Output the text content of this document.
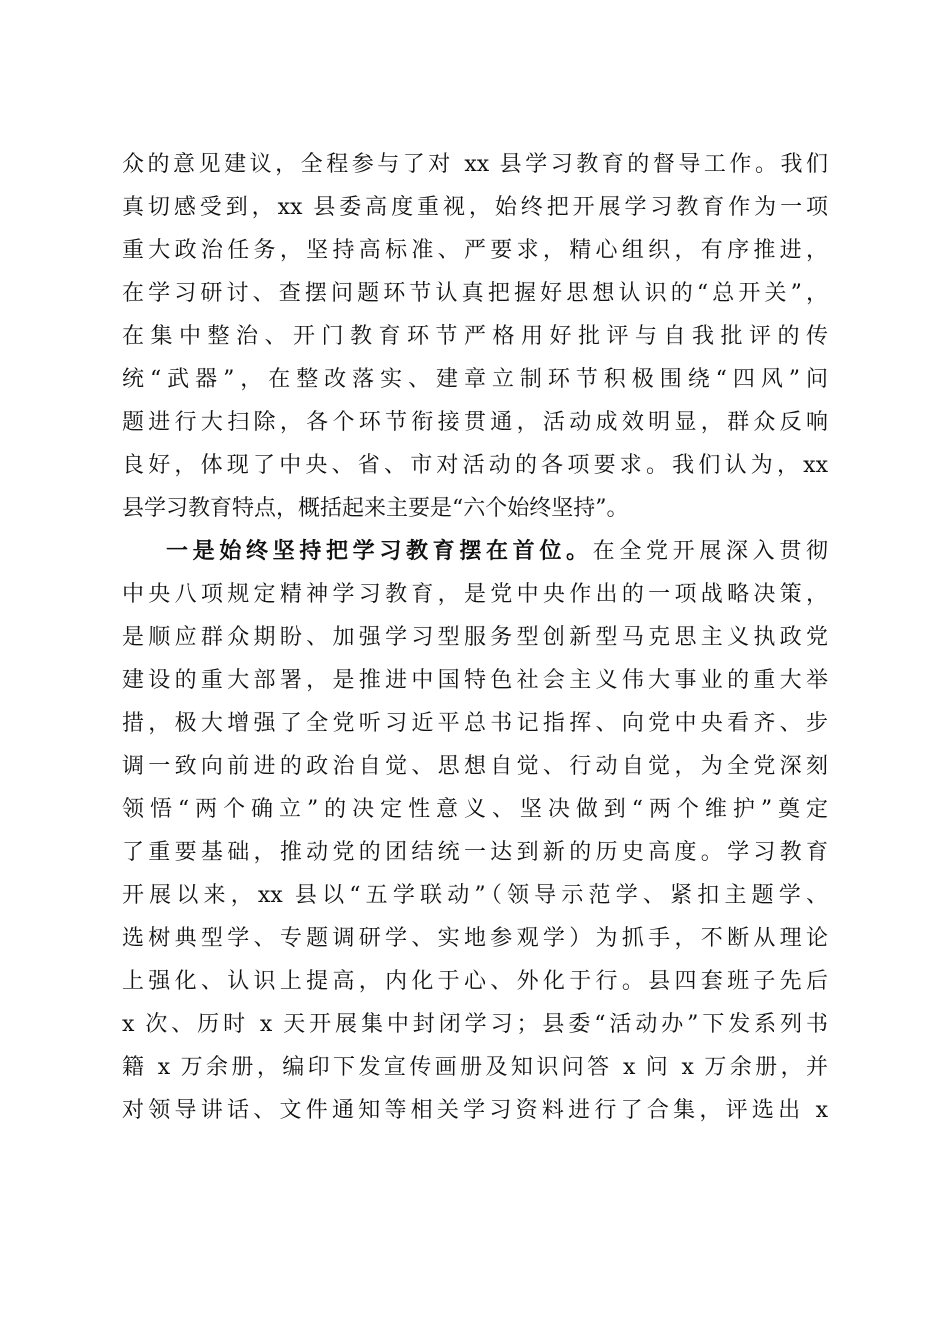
众的意见建议，全程参与了对 xx 县学习教育的督导工作。我们
真切感受到，xx 县委高度重视，始终把开展学习教育作为一项
重大政治任务，坚持高标准、严要求，精心组织，有序推进，
在学习研讨、查摆问题环节认真把握好思想认识的“总开关”，
在集中整治、开门教育环节严格用好批评与自我批评的传
统“武器”，在整改落实、建章立制环节积极围绕“四风”问
题进行大扫除，各个环节衔接贯通，活动成效明显，群众反响
良好，体现了中央、省、市对活动的各项要求。我们认为，xx
县学习教育特点，概括起来主要是“六个始终坚持”。
一是始终坚持把学习教育摆在首位。在全党开展深入贯彻
中央八项规定精神学习教育，是党中央作出的一项战略决策，
是顺应群众期盼、加强学习型服务型创新型马克思主义执政党
建设的重大部署，是推进中国特色社会主义伟大事业的重大举
措，极大增强了全党听习近平总书记指挥、向党中央看齐、步
调一致向前进的政治自觉、思想自觉、行动自觉，为全党深刻
领悟“两个确立”的决定性意义、坚决做到“两个维护”奠定
了重要基础，推动党的团结统一达到新的历史高度。学习教育
开展以来，xx 县以“五学联动”（领导示范学、紧扣主题学、
选树典型学、专题调研学、实地参观学）为抓手，不断从理论
上强化、认识上提高，内化于心、外化于行。县四套班子先后
x 次、历时 x 天开展集中封闭学习；县委“活动办”下发系列书
籍 x 万余册，编印下发宣传画册及知识问答 x 问 x 万余册，并
对领导讲话、文件通知等相关学习资料进行了合集，评选出 x
